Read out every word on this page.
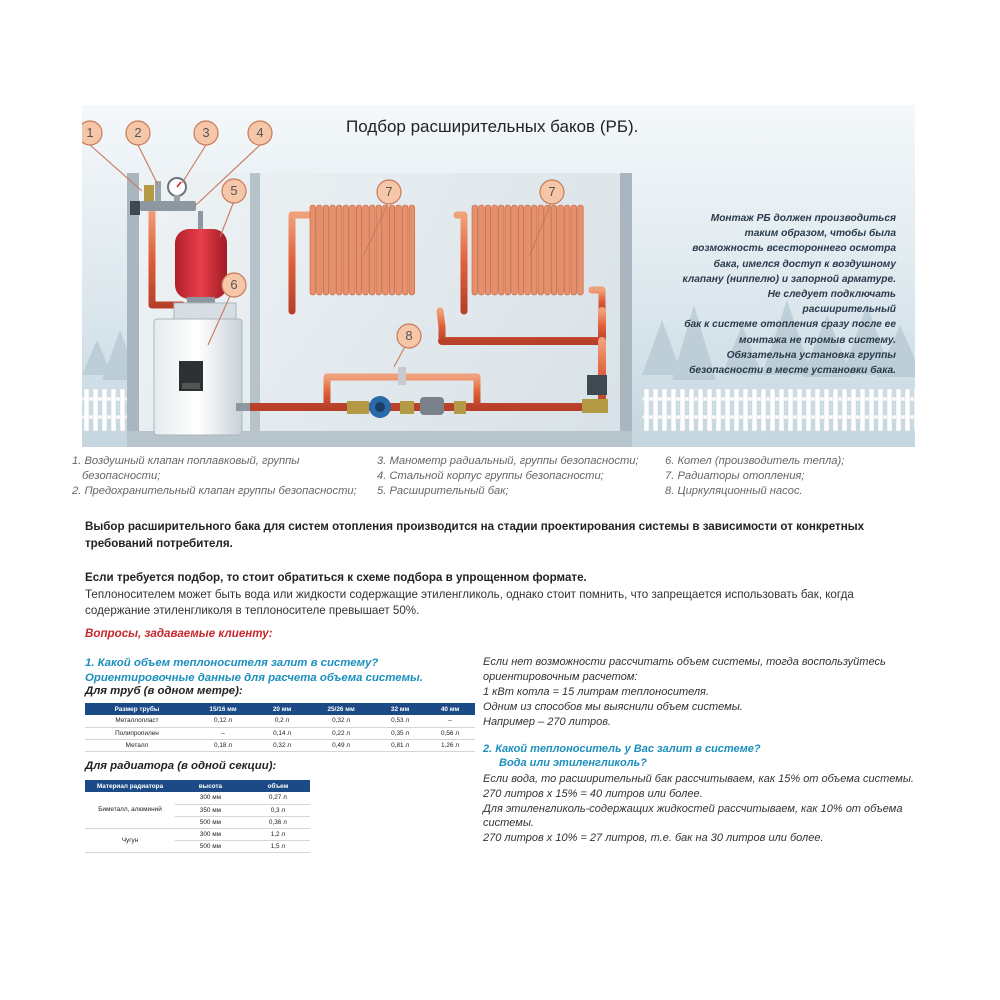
1	2	3	4
5
6
7	7
8
Подбор расширительных баков (РБ).
Монтаж РБ должен производиться
таким образом, чтобы была
возможность всестороннего осмотра
бака, имелся доступ к воздушному
клапану (ниппелю) и запорной арматуре.
Не следует подключать расширительный
бак к системе отопления сразу после ее
монтажа не промыв систему.
Обязательна установка группы
безопасности в месте установки бака.
1. Воздушный клапан поплавковый, группы
безопасности;
2. Предохранительный клапан группы безопасности;
3. Манометр радиальный, группы безопасности;
4. Стальной корпус группы безопасности;
5. Расширительный бак;
6. Котел (производитель тепла);
7. Радиаторы отопления;
8. Циркуляционный насос.
Выбор расширительного бака для систем отопления производится на стадии проектирования системы в зависимости от конкретных требований потребителя.
Если требуется подбор, то стоит обратиться к схеме подбора в упрощенном формате.
Теплоносителем может быть вода или жидкости содержащие этиленгликоль, однако стоит помнить, что запрещается использовать бак, когда содержание этиленгликоля в теплоносителе превышает 50%.
Вопросы, задаваемые клиенту:
1. Какой объем теплоносителя залит в систему?
Ориентировочные данные для расчета объема системы.
Для труб (в одном метре):
Размер трубы	15/16 мм	20 мм	25/26 мм	32 мм	40 мм
Металлопласт	0,12 л	0,2 л	0,32 л	0,53 л	–
Полипропилен	–	0,14 л	0,22 л	0,35 л	0,56 л
Металл	0,18 л	0,32 л	0,49 л	0,81 л	1,26 л
Для радиатора (в одной секции):
Материал радиатора	высота	объем
Биметалл, алюминий	300 мм	0,27 л
	350 мм	0,3 л
	500 мм	0,36 л
Чугун	300 мм	1,2 л
	500 мм	1,5 л
Если нет возможности рассчитать объем системы, тогда воспользуйтесь
ориентировочным расчетом:
1 кВт котла = 15 литрам теплоносителя.
Одним из способов мы выяснили объем системы.
Например – 270 литров.
2. Какой теплоноситель у Вас залит в системе?
Вода или этиленгликоль?
Если вода, то расширительный бак рассчитываем, как 15% от объема системы.
270 литров х 15% = 40 литров или более.
Для этиленгликоль-содержащих жидкостей рассчитываем, как 10% от объема
системы.
270 литров х 10% = 27 литров, т.е. бак на 30 литров или более.
